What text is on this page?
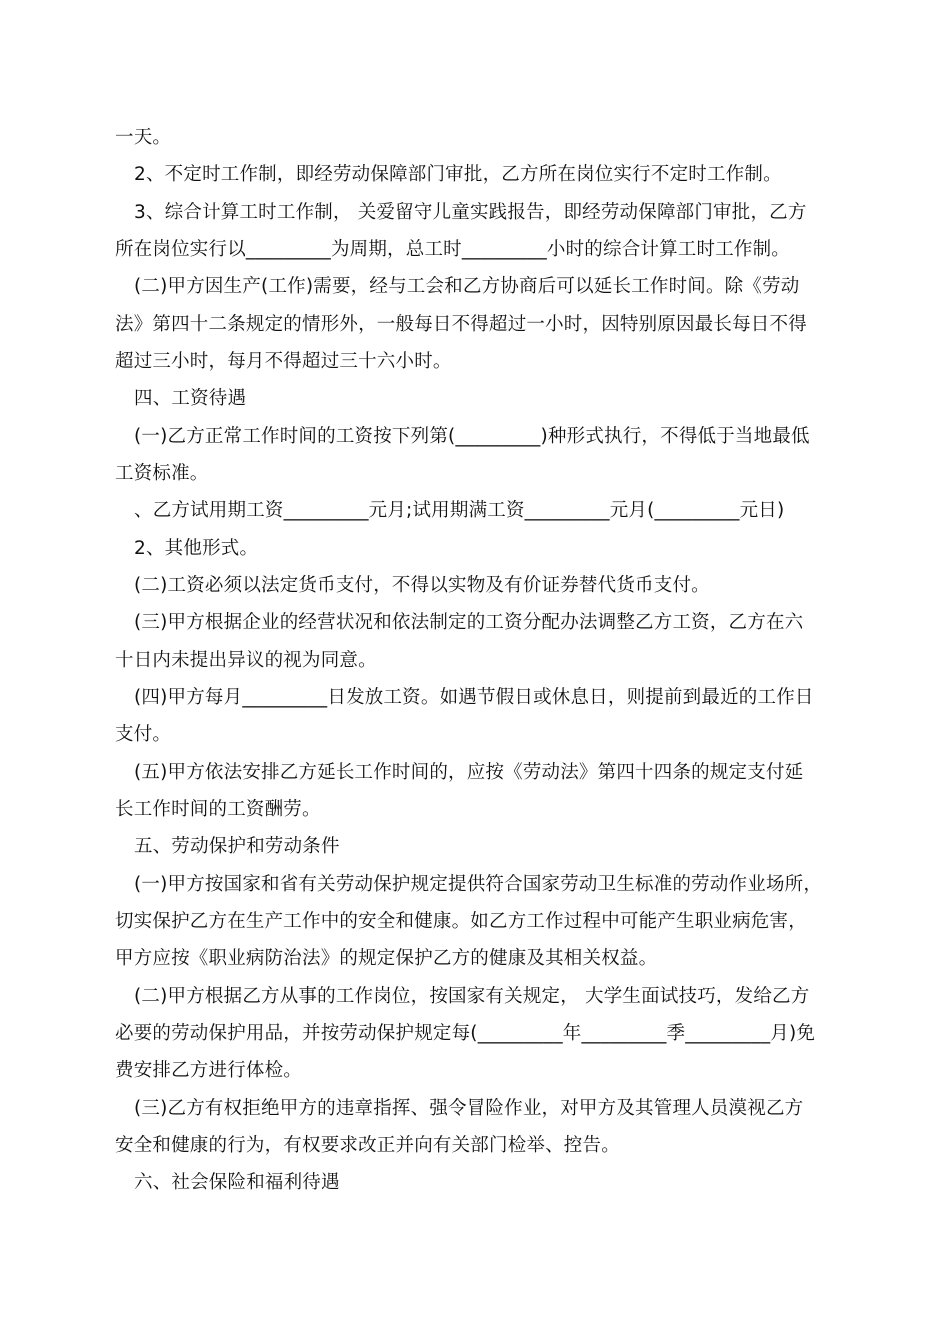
一天。
2、不定时工作制，即经劳动保障部门审批，乙方所在岗位实行不定时工作制。
3、综合计算工时工作制， 关爱留守儿童实践报告，即经劳动保障部门审批，乙方
所在岗位实行以_________为周期，总工时_________小时的综合计算工时工作制。
(二)甲方因生产(工作)需要，经与工会和乙方协商后可以延长工作时间。除《劳动
法》第四十二条规定的情形外，一般每日不得超过一小时，因特别原因最长每日不得
超过三小时，每月不得超过三十六小时。
四、工资待遇
(一)乙方正常工作时间的工资按下列第(_________)种形式执行，不得低于当地最低
工资标准。
、乙方试用期工资_________元月;试用期满工资_________元月(_________元日)
2、其他形式。
(二)工资必须以法定货币支付，不得以实物及有价证券替代货币支付。
(三)甲方根据企业的经营状况和依法制定的工资分配办法调整乙方工资，乙方在六
十日内未提出异议的视为同意。
(四)甲方每月_________日发放工资。如遇节假日或休息日，则提前到最近的工作日
支付。
(五)甲方依法安排乙方延长工作时间的，应按《劳动法》第四十四条的规定支付延
长工作时间的工资酬劳。
五、劳动保护和劳动条件
(一)甲方按国家和省有关劳动保护规定提供符合国家劳动卫生标准的劳动作业场所，
切实保护乙方在生产工作中的安全和健康。如乙方工作过程中可能产生职业病危害，
甲方应按《职业病防治法》的规定保护乙方的健康及其相关权益。
(二)甲方根据乙方从事的工作岗位，按国家有关规定， 大学生面试技巧，发给乙方
必要的劳动保护用品，并按劳动保护规定每(_________年_________季_________月)免
费安排乙方进行体检。
(三)乙方有权拒绝甲方的违章指挥、强令冒险作业，对甲方及其管理人员漠视乙方
安全和健康的行为，有权要求改正并向有关部门检举、控告。
六、社会保险和福利待遇
